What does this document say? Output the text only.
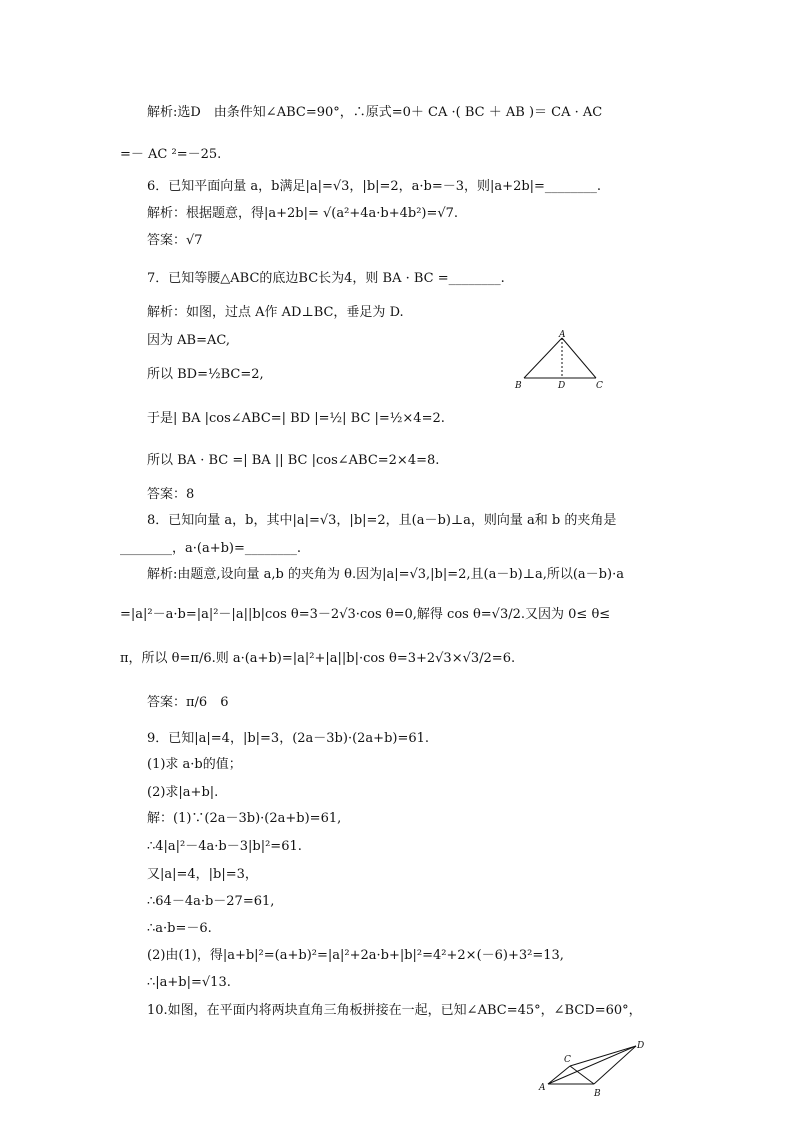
解析:选D　由条件知∠ABC=90°，∴原式=0＋ CA ·( BC ＋ AB )＝ CA · AC
=－ AC ²=－25.
6．已知平面向量 a，b满足|a|=√3，|b|=2，a·b=－3，则|a+2b|=________.
解析：根据题意，得|a+2b|= √(a²+4a·b+4b²)=√7.
答案：√7
7．已知等腰△ABC的底边BC长为4，则 BA · BC =________.
解析：如图，过点 A作 AD⊥BC，垂足为 D.
因为 AB=AC,
所以 BD=½BC=2,
于是| BA |cos∠ABC=| BD |=½| BC |=½×4=2.
所以 BA · BC =| BA || BC |cos∠ABC=2×4=8.
答案：8
A
B	D	C
8．已知向量 a，b，其中|a|=√3，|b|=2，且(a－b)⊥a，则向量 a和 b 的夹角是
________，a·(a+b)=________.
解析:由题意,设向量 a,b 的夹角为 θ.因为|a|=√3,|b|=2,且(a－b)⊥a,所以(a－b)·a
=|a|²－a·b=|a|²－|a||b|cos θ=3－2√3·cos θ=0,解得 cos θ=√3/2.又因为 0≤ θ≤
π，所以 θ=π/6.则 a·(a+b)=|a|²+|a||b|·cos θ=3+2√3×√3/2=6.
答案：π/6　6
9．已知|a|=4，|b|=3，(2a－3b)·(2a+b)=61.
(1)求 a·b的值；
(2)求|a+b|.
解：(1)∵(2a－3b)·(2a+b)=61,
∴4|a|²－4a·b－3|b|²=61.
又|a|=4，|b|=3，
∴64－4a·b－27=61,
∴a·b=－6.
(2)由(1)，得|a+b|²=(a+b)²=|a|²+2a·b+|b|²=4²+2×(－6)+3²=13,
∴|a+b|=√13.
10.如图，在平面内将两块直角三角板拼接在一起，已知∠ABC=45°，∠BCD=60°，
A
B
C
D
